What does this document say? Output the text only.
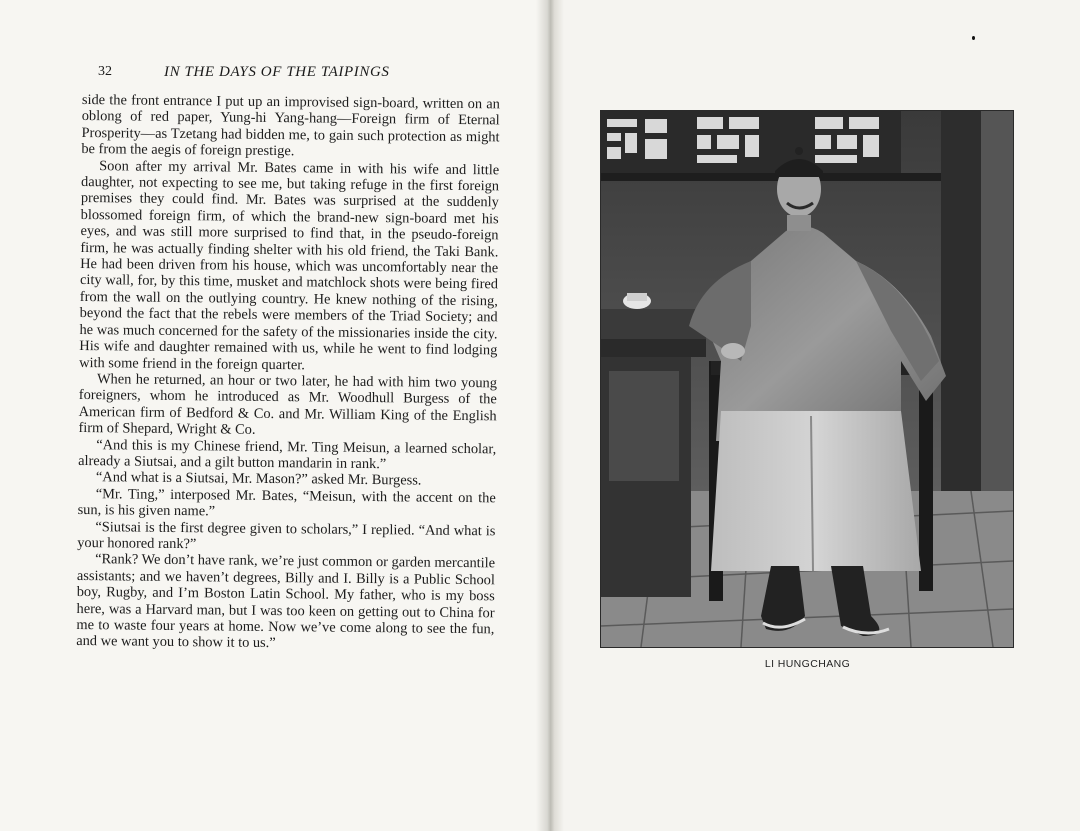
32	IN THE DAYS OF THE TAIPINGS

side the front entrance I put up an improvised sign-board, written on an oblong of red paper, Yung-hi Yang-hang—Foreign firm of Eternal Prosperity—as Tzetang had bidden me, to gain such protection as might be from the aegis of foreign prestige.

Soon after my arrival Mr. Bates came in with his wife and little daughter, not expecting to see me, but taking refuge in the first foreign premises they could find. Mr. Bates was surprised at the suddenly blossomed foreign firm, of which the brand-new sign-board met his eyes, and was still more surprised to find that, in the pseudo-foreign firm, he was actually finding shelter with his old friend, the Taki Bank. He had been driven from his house, which was uncomfortably near the city wall, for, by this time, musket and matchlock shots were being fired from the wall on the outlying country. He knew nothing of the rising, beyond the fact that the rebels were members of the Triad Society; and he was much concerned for the safety of the missionaries inside the city. His wife and daughter remained with us, while he went to find lodging with some friend in the foreign quarter.

When he returned, an hour or two later, he had with him two young foreigners, whom he introduced as Mr. Woodhull Burgess of the American firm of Bedford & Co. and Mr. William King of the English firm of Shepard, Wright & Co.

“And this is my Chinese friend, Mr. Ting Meisun, a learned scholar, already a Siutsai, and a gilt button mandarin in rank.”

“And what is a Siutsai, Mr. Mason?” asked Mr. Burgess.

“Mr. Ting,” interposed Mr. Bates, “Meisun, with the accent on the sun, is his given name.”

“Siutsai is the first degree given to scholars,” I replied. “And what is your honored rank?”

“Rank? We don’t have rank, we’re just common or garden mercantile assistants; and we haven’t degrees, Billy and I. Billy is a Public School boy, Rugby, and I’m Boston Latin School. My father, who is my boss here, was a Harvard man, but I was too keen on getting out to China for me to waste four years at home. Now we’ve come along to see the fun, and we want you to show it to us.”

LI HUNGCHANG
